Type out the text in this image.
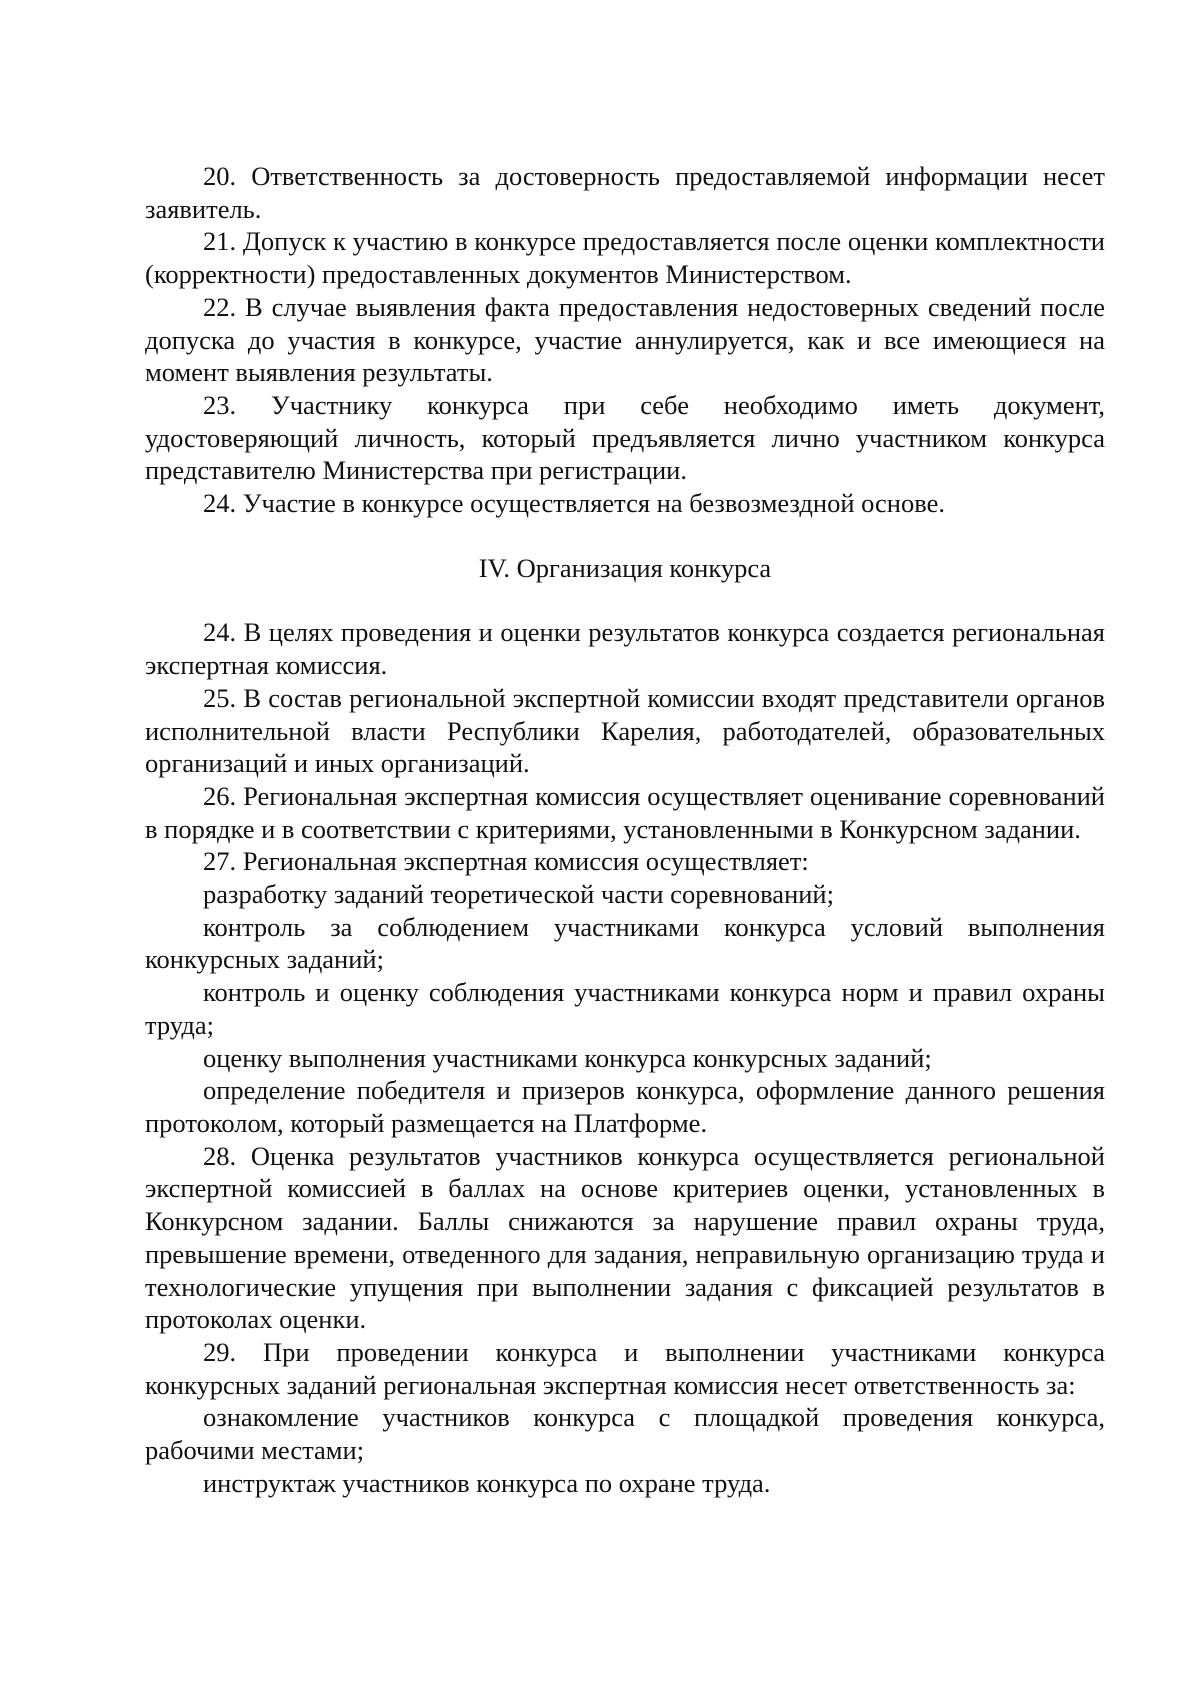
20. Ответственность за достоверность предоставляемой информации несет заявитель.

21. Допуск к участию в конкурсе предоставляется после оценки комплектности (корректности) предоставленных документов Министерством.

22. В случае выявления факта предоставления недостоверных сведений после допуска до участия в конкурсе, участие аннулируется, как и все имеющиеся на момент выявления результаты.

23. Участнику конкурса при себе необходимо иметь документ, удостоверяющий личность, который предъявляется лично участником конкурса представителю Министерства при регистрации.

24. Участие в конкурсе осуществляется на безвозмездной основе.

IV. Организация конкурса

24. В целях проведения и оценки результатов конкурса создается региональная экспертная комиссия.

25. В состав региональной экспертной комиссии входят представители органов исполнительной власти Республики Карелия, работодателей, образовательных организаций и иных организаций.

26. Региональная экспертная комиссия осуществляет оценивание соревнований в порядке и в соответствии с критериями, установленными в Конкурсном задании.

27. Региональная экспертная комиссия осуществляет:

разработку заданий теоретической части соревнований;

контроль за соблюдением участниками конкурса условий выполнения конкурсных заданий;

контроль и оценку соблюдения участниками конкурса норм и правил охраны труда;

оценку выполнения участниками конкурса конкурсных заданий;

определение победителя и призеров конкурса, оформление данного решения протоколом, который размещается на Платформе.

28. Оценка результатов участников конкурса осуществляется региональной экспертной комиссией в баллах на основе критериев оценки, установленных в Конкурсном задании. Баллы снижаются за нарушение правил охраны труда, превышение времени, отведенного для задания, неправильную организацию труда и технологические упущения при выполнении задания с фиксацией результатов в протоколах оценки.

29. При проведении конкурса и выполнении участниками конкурса конкурсных заданий региональная экспертная комиссия несет ответственность за:

ознакомление участников конкурса с площадкой проведения конкурса, рабочими местами;

инструктаж участников конкурса по охране труда.
